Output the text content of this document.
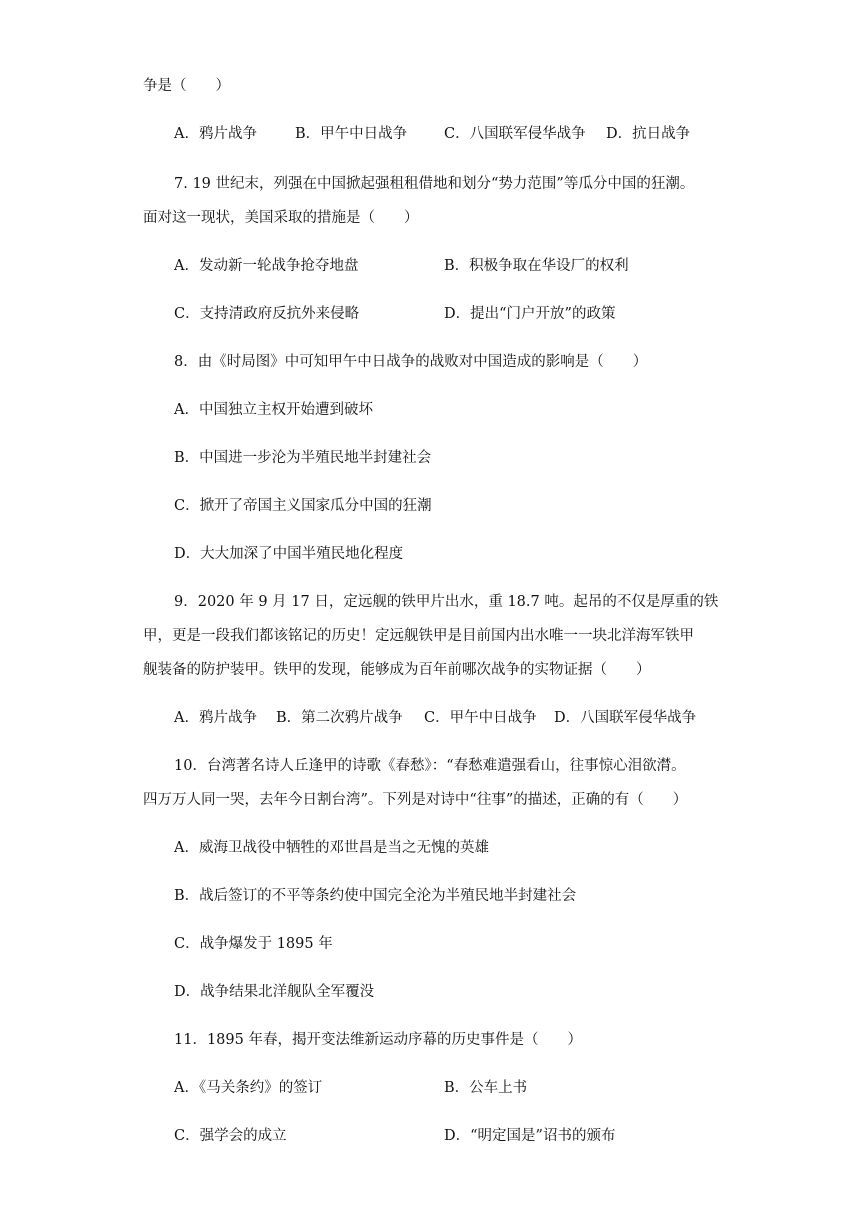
争是（　　）
A．鸦片战争	B．甲午中日战争	C．八国联军侵华战争 D．抗日战争
7. 19 世纪末，列强在中国掀起强租租借地和划分“势力范围”等瓜分中国的狂潮。
面对这一现状，美国采取的措施是（　　）
A．发动新一轮战争抢夺地盘	B．积极争取在华设厂的权利
C．支持清政府反抗外来侵略	D．提出“门户开放”的政策
8．由《时局图》中可知甲午中日战争的战败对中国造成的影响是（　　）
A．中国独立主权开始遭到破坏
B．中国进一步沦为半殖民地半封建社会
C．掀开了帝国主义国家瓜分中国的狂潮
D．大大加深了中国半殖民地化程度
9．2020 年 9 月 17 日，定远舰的铁甲片出水，重 18.7 吨。起吊的不仅是厚重的铁
甲，更是一段我们都该铭记的历史！定远舰铁甲是目前国内出水唯一一块北洋海军铁甲
舰装备的防护装甲。铁甲的发现，能够成为百年前哪次战争的实物证据（　　）
A．鸦片战争 B．第二次鸦片战争 C．甲午中日战争 D．八国联军侵华战争
10．台湾著名诗人丘逢甲的诗歌《春愁》：“春愁难遣强看山，往事惊心泪欲潸。
四万万人同一哭，去年今日割台湾”。下列是对诗中“往事”的描述，正确的有（　　）
A．威海卫战役中牺牲的邓世昌是当之无愧的英雄
B．战后签订的不平等条约使中国完全沦为半殖民地半封建社会
C．战争爆发于 1895 年
D．战争结果北洋舰队全军覆没
11．1895 年春，揭开变法维新运动序幕的历史事件是（　　）
A．《马关条约》的签订	B．公车上书
C．强学会的成立	D．“明定国是”诏书的颁布
